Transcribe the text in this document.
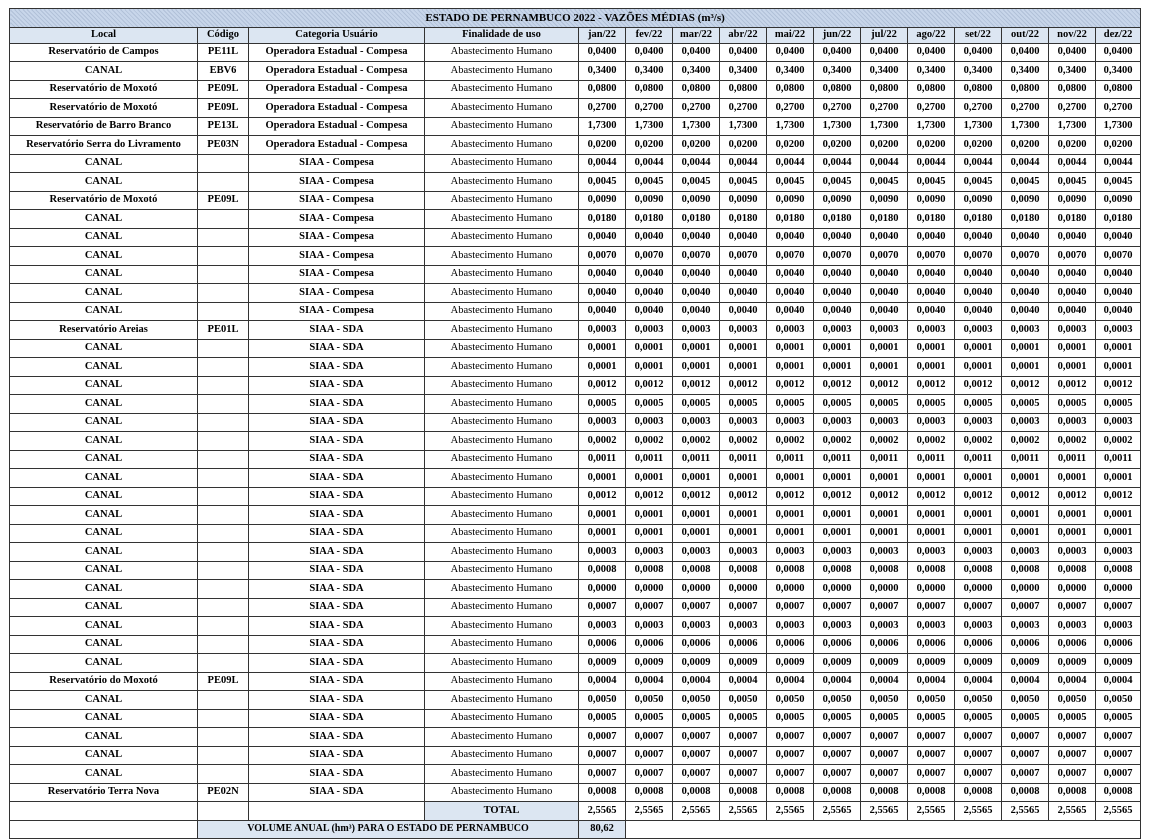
ESTADO DE PERNAMBUCO 2022 - VAZÕES MÉDIAS (m³/s)															
Local	Código	Categoria Usuário	Finalidade de uso	jan/22	fev/22	mar/22	abr/22	mai/22	jun/22	jul/22	ago/22	set/22	out/22	nov/22	dez/22
Reservatório de Campos	PE11L	Operadora Estadual - Compesa	Abastecimento Humano	0,0400	0,0400	0,0400	0,0400	0,0400	0,0400	0,0400	0,0400	0,0400	0,0400	0,0400	0,0400
CANAL	EBV6	Operadora Estadual - Compesa	Abastecimento Humano	0,3400	0,3400	0,3400	0,3400	0,3400	0,3400	0,3400	0,3400	0,3400	0,3400	0,3400	0,3400
Reservatório de Moxotó	PE09L	Operadora Estadual - Compesa	Abastecimento Humano	0,0800	0,0800	0,0800	0,0800	0,0800	0,0800	0,0800	0,0800	0,0800	0,0800	0,0800	0,0800
Reservatório de Moxotó	PE09L	Operadora Estadual - Compesa	Abastecimento Humano	0,2700	0,2700	0,2700	0,2700	0,2700	0,2700	0,2700	0,2700	0,2700	0,2700	0,2700	0,2700
Reservatório de Barro Branco	PE13L	Operadora Estadual - Compesa	Abastecimento Humano	1,7300	1,7300	1,7300	1,7300	1,7300	1,7300	1,7300	1,7300	1,7300	1,7300	1,7300	1,7300
Reservatório Serra do Livramento	PE03N	Operadora Estadual - Compesa	Abastecimento Humano	0,0200	0,0200	0,0200	0,0200	0,0200	0,0200	0,0200	0,0200	0,0200	0,0200	0,0200	0,0200
CANAL		SIAA - Compesa	Abastecimento Humano	0,0044	0,0044	0,0044	0,0044	0,0044	0,0044	0,0044	0,0044	0,0044	0,0044	0,0044	0,0044
CANAL		SIAA - Compesa	Abastecimento Humano	0,0045	0,0045	0,0045	0,0045	0,0045	0,0045	0,0045	0,0045	0,0045	0,0045	0,0045	0,0045
Reservatório de Moxotó	PE09L	SIAA - Compesa	Abastecimento Humano	0,0090	0,0090	0,0090	0,0090	0,0090	0,0090	0,0090	0,0090	0,0090	0,0090	0,0090	0,0090
CANAL		SIAA - Compesa	Abastecimento Humano	0,0180	0,0180	0,0180	0,0180	0,0180	0,0180	0,0180	0,0180	0,0180	0,0180	0,0180	0,0180
CANAL		SIAA - Compesa	Abastecimento Humano	0,0040	0,0040	0,0040	0,0040	0,0040	0,0040	0,0040	0,0040	0,0040	0,0040	0,0040	0,0040
CANAL		SIAA - Compesa	Abastecimento Humano	0,0070	0,0070	0,0070	0,0070	0,0070	0,0070	0,0070	0,0070	0,0070	0,0070	0,0070	0,0070
CANAL		SIAA - Compesa	Abastecimento Humano	0,0040	0,0040	0,0040	0,0040	0,0040	0,0040	0,0040	0,0040	0,0040	0,0040	0,0040	0,0040
CANAL		SIAA - Compesa	Abastecimento Humano	0,0040	0,0040	0,0040	0,0040	0,0040	0,0040	0,0040	0,0040	0,0040	0,0040	0,0040	0,0040
CANAL		SIAA - Compesa	Abastecimento Humano	0,0040	0,0040	0,0040	0,0040	0,0040	0,0040	0,0040	0,0040	0,0040	0,0040	0,0040	0,0040
Reservatório Areias	PE01L	SIAA - SDA	Abastecimento Humano	0,0003	0,0003	0,0003	0,0003	0,0003	0,0003	0,0003	0,0003	0,0003	0,0003	0,0003	0,0003
CANAL		SIAA - SDA	Abastecimento Humano	0,0001	0,0001	0,0001	0,0001	0,0001	0,0001	0,0001	0,0001	0,0001	0,0001	0,0001	0,0001
CANAL		SIAA - SDA	Abastecimento Humano	0,0001	0,0001	0,0001	0,0001	0,0001	0,0001	0,0001	0,0001	0,0001	0,0001	0,0001	0,0001
CANAL		SIAA - SDA	Abastecimento Humano	0,0012	0,0012	0,0012	0,0012	0,0012	0,0012	0,0012	0,0012	0,0012	0,0012	0,0012	0,0012
CANAL		SIAA - SDA	Abastecimento Humano	0,0005	0,0005	0,0005	0,0005	0,0005	0,0005	0,0005	0,0005	0,0005	0,0005	0,0005	0,0005
CANAL		SIAA - SDA	Abastecimento Humano	0,0003	0,0003	0,0003	0,0003	0,0003	0,0003	0,0003	0,0003	0,0003	0,0003	0,0003	0,0003
CANAL		SIAA - SDA	Abastecimento Humano	0,0002	0,0002	0,0002	0,0002	0,0002	0,0002	0,0002	0,0002	0,0002	0,0002	0,0002	0,0002
CANAL		SIAA - SDA	Abastecimento Humano	0,0011	0,0011	0,0011	0,0011	0,0011	0,0011	0,0011	0,0011	0,0011	0,0011	0,0011	0,0011
CANAL		SIAA - SDA	Abastecimento Humano	0,0001	0,0001	0,0001	0,0001	0,0001	0,0001	0,0001	0,0001	0,0001	0,0001	0,0001	0,0001
CANAL		SIAA - SDA	Abastecimento Humano	0,0012	0,0012	0,0012	0,0012	0,0012	0,0012	0,0012	0,0012	0,0012	0,0012	0,0012	0,0012
CANAL		SIAA - SDA	Abastecimento Humano	0,0001	0,0001	0,0001	0,0001	0,0001	0,0001	0,0001	0,0001	0,0001	0,0001	0,0001	0,0001
CANAL		SIAA - SDA	Abastecimento Humano	0,0001	0,0001	0,0001	0,0001	0,0001	0,0001	0,0001	0,0001	0,0001	0,0001	0,0001	0,0001
CANAL		SIAA - SDA	Abastecimento Humano	0,0003	0,0003	0,0003	0,0003	0,0003	0,0003	0,0003	0,0003	0,0003	0,0003	0,0003	0,0003
CANAL		SIAA - SDA	Abastecimento Humano	0,0008	0,0008	0,0008	0,0008	0,0008	0,0008	0,0008	0,0008	0,0008	0,0008	0,0008	0,0008
CANAL		SIAA - SDA	Abastecimento Humano	0,0000	0,0000	0,0000	0,0000	0,0000	0,0000	0,0000	0,0000	0,0000	0,0000	0,0000	0,0000
CANAL		SIAA - SDA	Abastecimento Humano	0,0007	0,0007	0,0007	0,0007	0,0007	0,0007	0,0007	0,0007	0,0007	0,0007	0,0007	0,0007
CANAL		SIAA - SDA	Abastecimento Humano	0,0003	0,0003	0,0003	0,0003	0,0003	0,0003	0,0003	0,0003	0,0003	0,0003	0,0003	0,0003
CANAL		SIAA - SDA	Abastecimento Humano	0,0006	0,0006	0,0006	0,0006	0,0006	0,0006	0,0006	0,0006	0,0006	0,0006	0,0006	0,0006
CANAL		SIAA - SDA	Abastecimento Humano	0,0009	0,0009	0,0009	0,0009	0,0009	0,0009	0,0009	0,0009	0,0009	0,0009	0,0009	0,0009
Reservatório do Moxotó	PE09L	SIAA - SDA	Abastecimento Humano	0,0004	0,0004	0,0004	0,0004	0,0004	0,0004	0,0004	0,0004	0,0004	0,0004	0,0004	0,0004
CANAL		SIAA - SDA	Abastecimento Humano	0,0050	0,0050	0,0050	0,0050	0,0050	0,0050	0,0050	0,0050	0,0050	0,0050	0,0050	0,0050
CANAL		SIAA - SDA	Abastecimento Humano	0,0005	0,0005	0,0005	0,0005	0,0005	0,0005	0,0005	0,0005	0,0005	0,0005	0,0005	0,0005
CANAL		SIAA - SDA	Abastecimento Humano	0,0007	0,0007	0,0007	0,0007	0,0007	0,0007	0,0007	0,0007	0,0007	0,0007	0,0007	0,0007
CANAL		SIAA - SDA	Abastecimento Humano	0,0007	0,0007	0,0007	0,0007	0,0007	0,0007	0,0007	0,0007	0,0007	0,0007	0,0007	0,0007
CANAL		SIAA - SDA	Abastecimento Humano	0,0007	0,0007	0,0007	0,0007	0,0007	0,0007	0,0007	0,0007	0,0007	0,0007	0,0007	0,0007
Reservatório Terra Nova	PE02N	SIAA - SDA	Abastecimento Humano	0,0008	0,0008	0,0008	0,0008	0,0008	0,0008	0,0008	0,0008	0,0008	0,0008	0,0008	0,0008
			TOTAL	2,5565	2,5565	2,5565	2,5565	2,5565	2,5565	2,5565	2,5565	2,5565	2,5565	2,5565	2,5565
	VOLUME ANUAL (hm³) PARA O ESTADO DE PERNAMBUCO			80,62											
